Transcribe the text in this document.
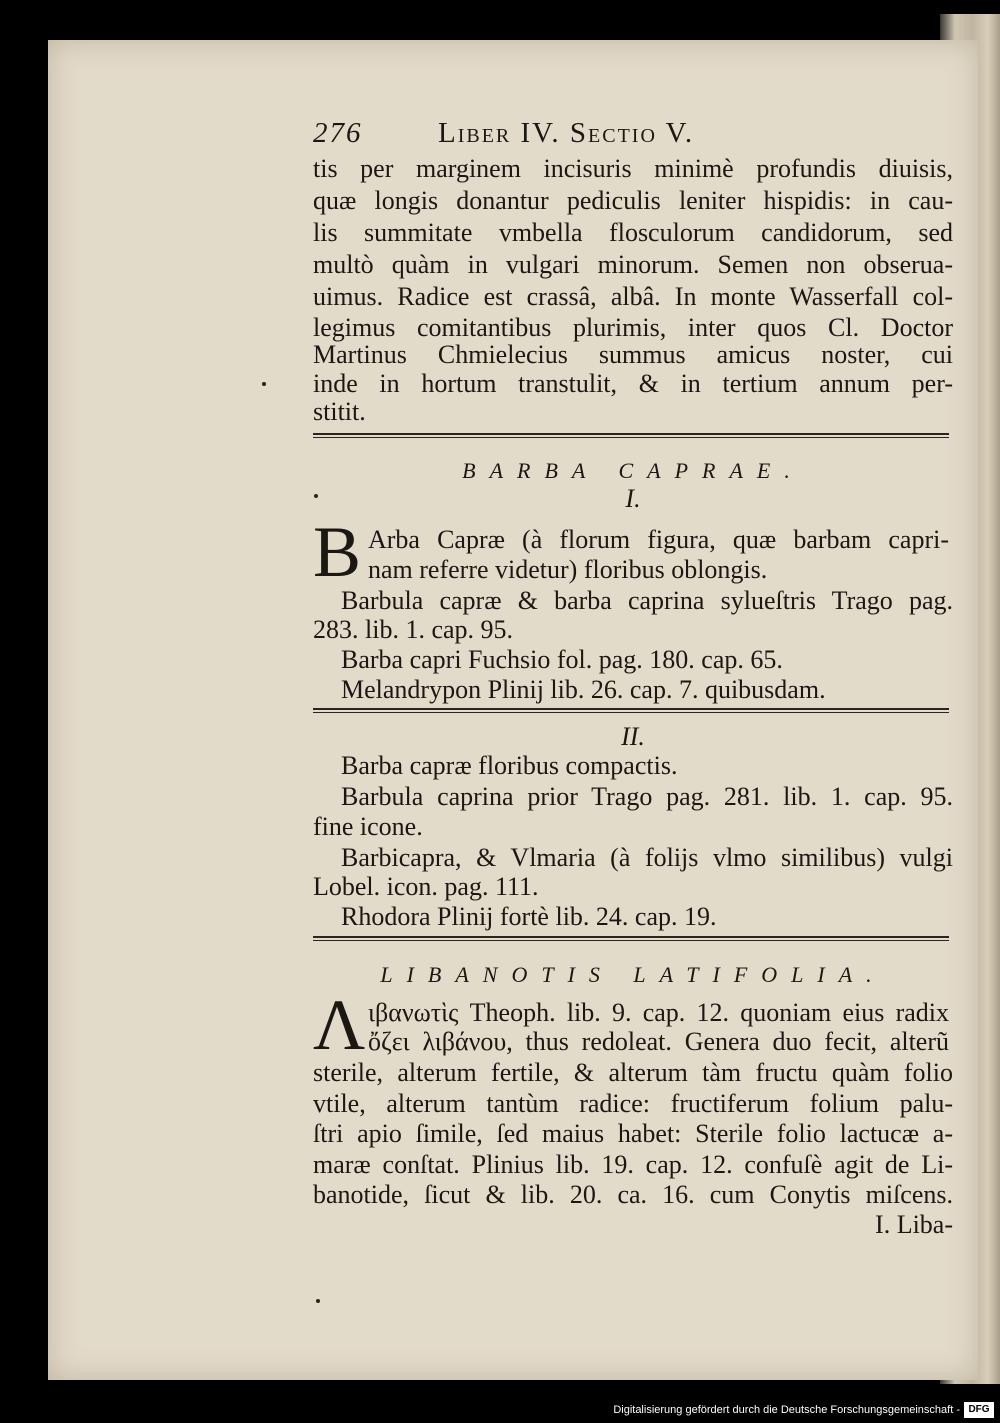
276	Liber IV. Sectio V.
tis per marginem incisuris minimè profundis diuisis,
quæ longis donantur pediculis leniter hispidis: in cau-
lis summitate vmbella flosculorum candidorum, sed
multò quàm in vulgari minorum. Semen non obserua-
uimus. Radice est crassâ, albâ. In monte Wasserfall col-
legimus comitantibus plurimis, inter quos Cl. Doctor
Martinus Chmielecius summus amicus noster, cui
inde in hortum transtulit, & in tertium annum per-
stitit.
BARBA CAPRAE.
I.
B Arba Capræ (à florum figura, quæ barbam capri-
nam referre videtur) floribus oblongis.
Barbula capræ & barba caprina sylueſtris Trago pag.
283. lib. 1. cap. 95.
Barba capri Fuchsio fol. pag. 180. cap. 65.
Melandrypon Plinij lib. 26. cap. 7. quibusdam.
II.
Barba capræ floribus compactis.
Barbula caprina prior Trago pag. 281. lib. 1. cap. 95.
fine icone.
Barbicapra, & Vlmaria (à folijs vlmo similibus) vulgi
Lobel. icon. pag. 111.
Rhodora Plinij fortè lib. 24. cap. 19.
LIBANOTIS LATIFOLIA.
Λ ιβανωτὶς Theoph. lib. 9. cap. 12. quoniam eius radix
ὄζει λιβάνου, thus redoleat. Genera duo fecit, alterũ
sterile, alterum fertile, & alterum tàm fructu quàm folio
vtile, alterum tantùm radice: fructiferum folium palu-
ſtri apio ſimile, ſed maius habet: Sterile folio lactucæ a-
maræ conſtat. Plinius lib. 19. cap. 12. confuſè agit de Li-
banotide, ſicut & lib. 20. ca. 16. cum Conytis miſcens.
I. Liba-
Digitalisierung gefördert durch die Deutsche Forschungsgemeinschaft - DFG
